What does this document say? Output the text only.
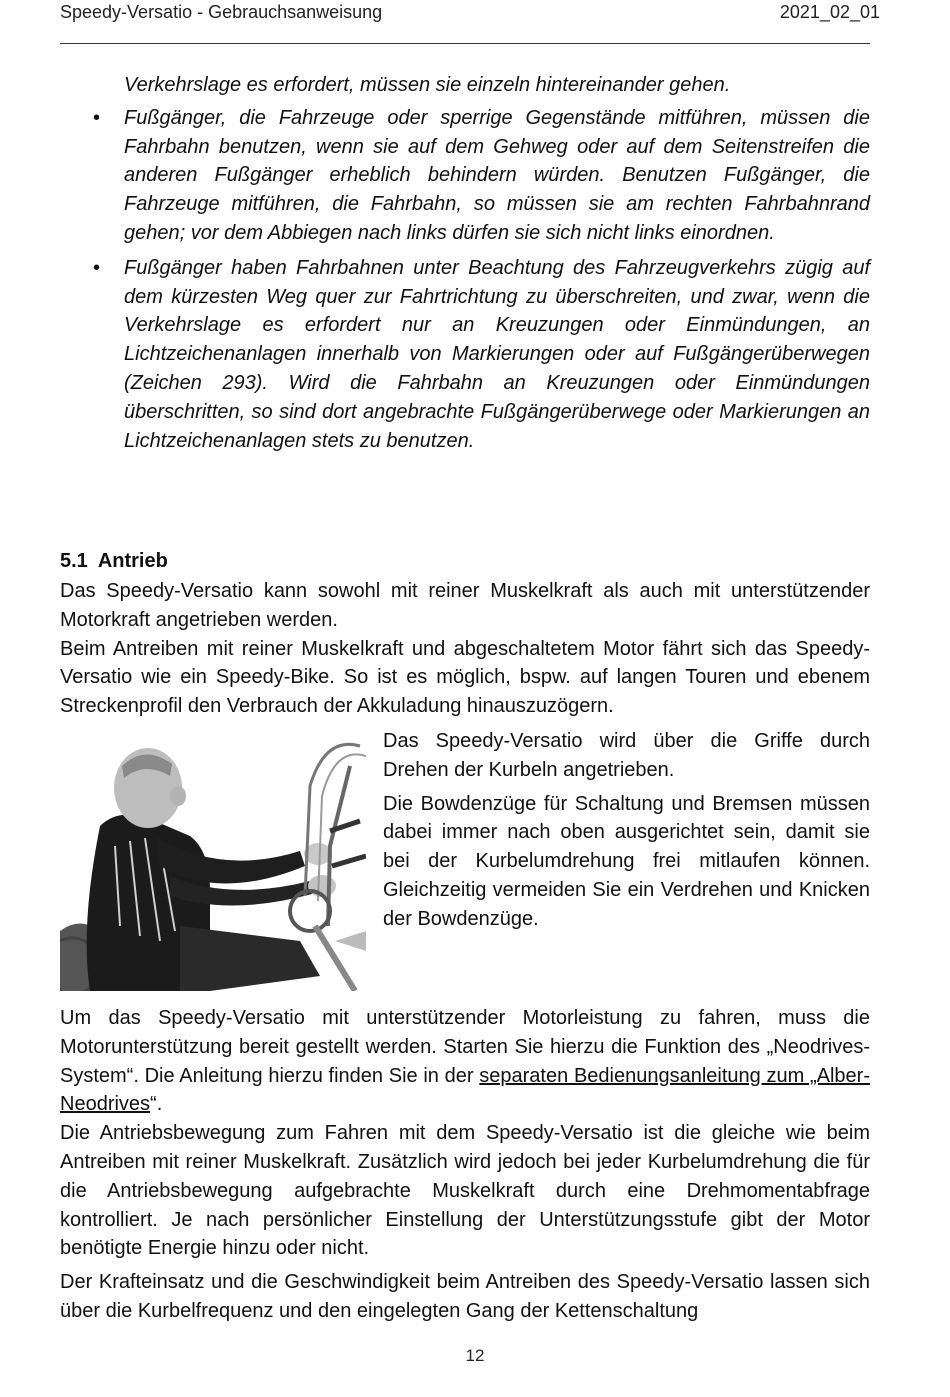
Speedy-Versatio - Gebrauchsanweisung	2021_02_01

Verkehrslage es erfordert, müssen sie einzeln hintereinander gehen.

• Fußgänger, die Fahrzeuge oder sperrige Gegenstände mitführen, müssen die Fahrbahn benutzen, wenn sie auf dem Gehweg oder auf dem Seitenstreifen die anderen Fußgänger erheblich behindern würden. Benutzen Fußgänger, die Fahrzeuge mitführen, die Fahrbahn, so müssen sie am rechten Fahrbahnrand gehen; vor dem Abbiegen nach links dürfen sie sich nicht links einordnen.
• Fußgänger haben Fahrbahnen unter Beachtung des Fahrzeugverkehrs zügig auf dem kürzesten Weg quer zur Fahrtrichtung zu überschreiten, und zwar, wenn die Verkehrslage es erfordert nur an Kreuzungen oder Einmündungen, an Lichtzeichenanlagen innerhalb von Markierungen oder auf Fußgängerüberwegen (Zeichen 293). Wird die Fahrbahn an Kreuzungen oder Einmündungen überschritten, so sind dort angebrachte Fußgängerüberwege oder Markierungen an Lichtzeichenanlagen stets zu benutzen.
5.1 Antrieb

Das Speedy-Versatio kann sowohl mit reiner Muskelkraft als auch mit unterstützender Motorkraft angetrieben werden.

Beim Antreiben mit reiner Muskelkraft und abgeschaltetem Motor fährt sich das Speedy-Versatio wie ein Speedy-Bike. So ist es möglich, bspw. auf langen Touren und ebenem Streckenprofil den Verbrauch der Akkuladung hinauszuzögern.

Das Speedy-Versatio wird über die Griffe durch Drehen der Kurbeln angetrieben.

Die Bowdenzüge für Schaltung und Bremsen müssen dabei immer nach oben ausgerichtet sein, damit sie bei der Kurbelumdrehung frei mitlaufen können. Gleichzeitig vermeiden Sie ein Verdrehen und Knicken der Bowdenzüge.

Um das Speedy-Versatio mit unterstützender Motorleistung zu fahren, muss die Motorunterstützung bereit gestellt werden. Starten Sie hierzu die Funktion des „Neodrives-System“. Die Anleitung hierzu finden Sie in der separaten Bedienungsanleitung zum „Alber-Neodrives“.

Die Antriebsbewegung zum Fahren mit dem Speedy-Versatio ist die gleiche wie beim Antreiben mit reiner Muskelkraft. Zusätzlich wird jedoch bei jeder Kurbelumdrehung die für die Antriebsbewegung aufgebrachte Muskelkraft durch eine Drehmomentabfrage kontrolliert. Je nach persönlicher Einstellung der Unterstützungsstufe gibt der Motor benötigte Energie hinzu oder nicht.

Der Krafteinsatz und die Geschwindigkeit beim Antreiben des Speedy-Versatio lassen sich über die Kurbelfrequenz und den eingelegten Gang der Kettenschaltung

12
